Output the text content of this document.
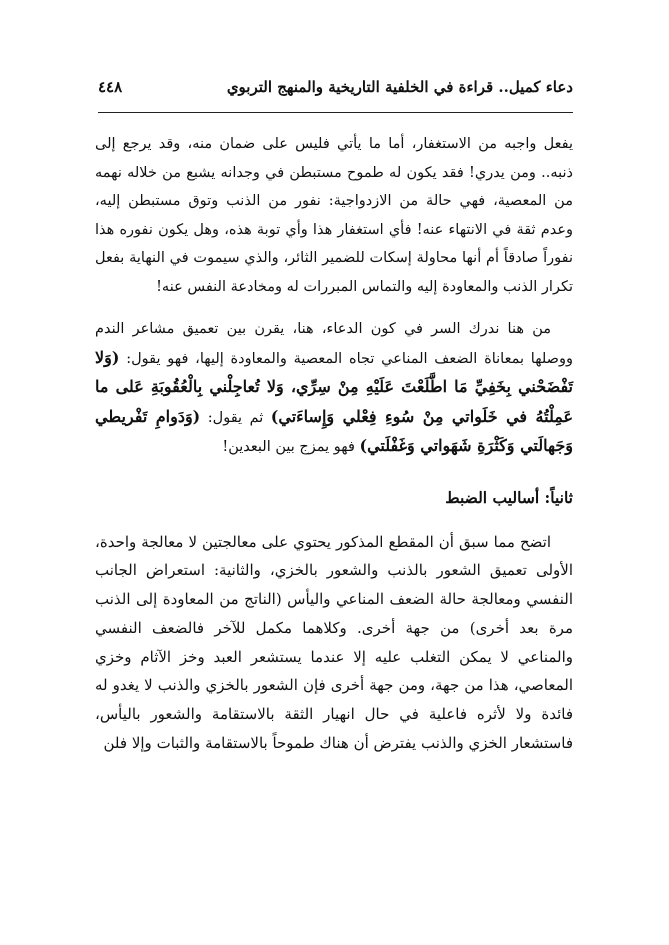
دعاء كميل.. قراءة في الخلفية التاريخية والمنهج التربوي
٤٤٨

يفعل واجبه من الاستغفار، أما ما يأتي فليس على ضمان منه، وقد يرجع إلى ذنبه.. ومن يدري! فقد يكون له طموح مستبطن في وجدانه يشبع من خلاله نهمه من المعصية، فهي حالة من الازدواجية: نفور من الذنب وتوق مستبطن إليه، وعدم ثقة في الانتهاء عنه! فأي استغفار هذا وأي توبة هذه، وهل يكون نفوره هذا نفوراً صادقاً أم أنها محاولة إسكات للضمير الثائر، والذي سيموت في النهاية بفعل تكرار الذنب والمعاودة إليه والتماس المبررات له ومخادعة النفس عنه!

من هنا ندرك السر في كون الدعاء، هنا، يقرن بين تعميق مشاعر الندم ووصلها بمعاناة الضعف المناعي تجاه المعصية والمعاودة إليها، فهو يقول: (وَلا تَفْضَحْني بِخَفِيِّ مَا اطَّلَعْتَ عَلَيْهِ مِنْ سِرِّي، وَلا تُعاجِلْني بِالْعُقُوبَةِ عَلى ما عَمِلْتُهُ في خَلَواتي مِنْ سُوءِ فِعْلي وَإِساءَتي) ثم يقول: (وَدَوامِ تَفْريطي وَجَهالَتي وَكَثْرَةِ شَهَواتي وَغَفْلَتي) فهو يمزج بين البعدين!

ثانياً: أساليب الضبط

اتضح مما سبق أن المقطع المذكور يحتوي على معالجتين لا معالجة واحدة، الأولى تعميق الشعور بالذنب والشعور بالخزي، والثانية: استعراض الجانب النفسي ومعالجة حالة الضعف المناعي واليأس (الناتج من المعاودة إلى الذنب مرة بعد أخرى) من جهة أخرى. وكلاهما مكمل للآخر فالضعف النفسي والمناعي لا يمكن التغلب عليه إلا عندما يستشعر العبد وخز الآثام وخزي المعاصي، هذا من جهة، ومن جهة أخرى فإن الشعور بالخزي والذنب لا يغدو له فائدة ولا لأثره فاعلية في حال انهيار الثقة بالاستقامة والشعور باليأس، فاستشعار الخزي والذنب يفترض أن هناك طموحاً بالاستقامة والثبات وإلا فلن
